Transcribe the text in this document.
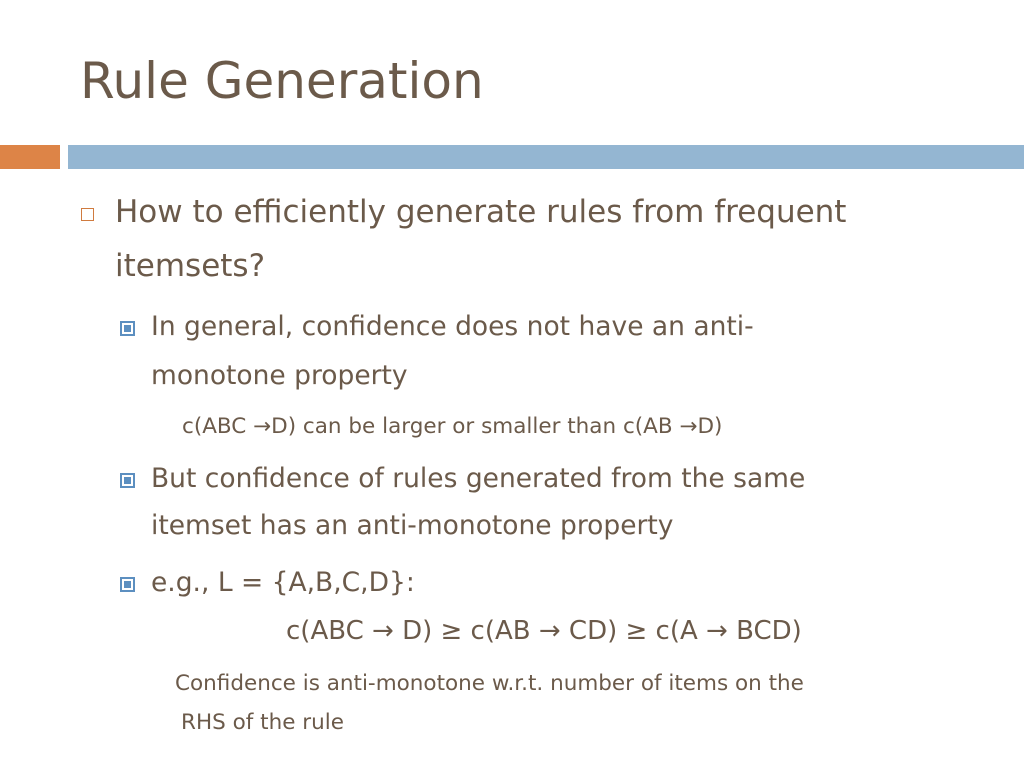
Rule Generation
How to efficiently generate rules from frequent
itemsets?
In general, confidence does not have an anti-
monotone property
c(ABC →D) can be larger or smaller than c(AB →D)
But confidence of rules generated from the same
itemset has an anti-monotone property
e.g., L = {A,B,C,D}:
c(ABC → D) ≥ c(AB → CD) ≥ c(A → BCD)
Confidence is anti-monotone w.r.t. number of items on the
RHS of the rule
